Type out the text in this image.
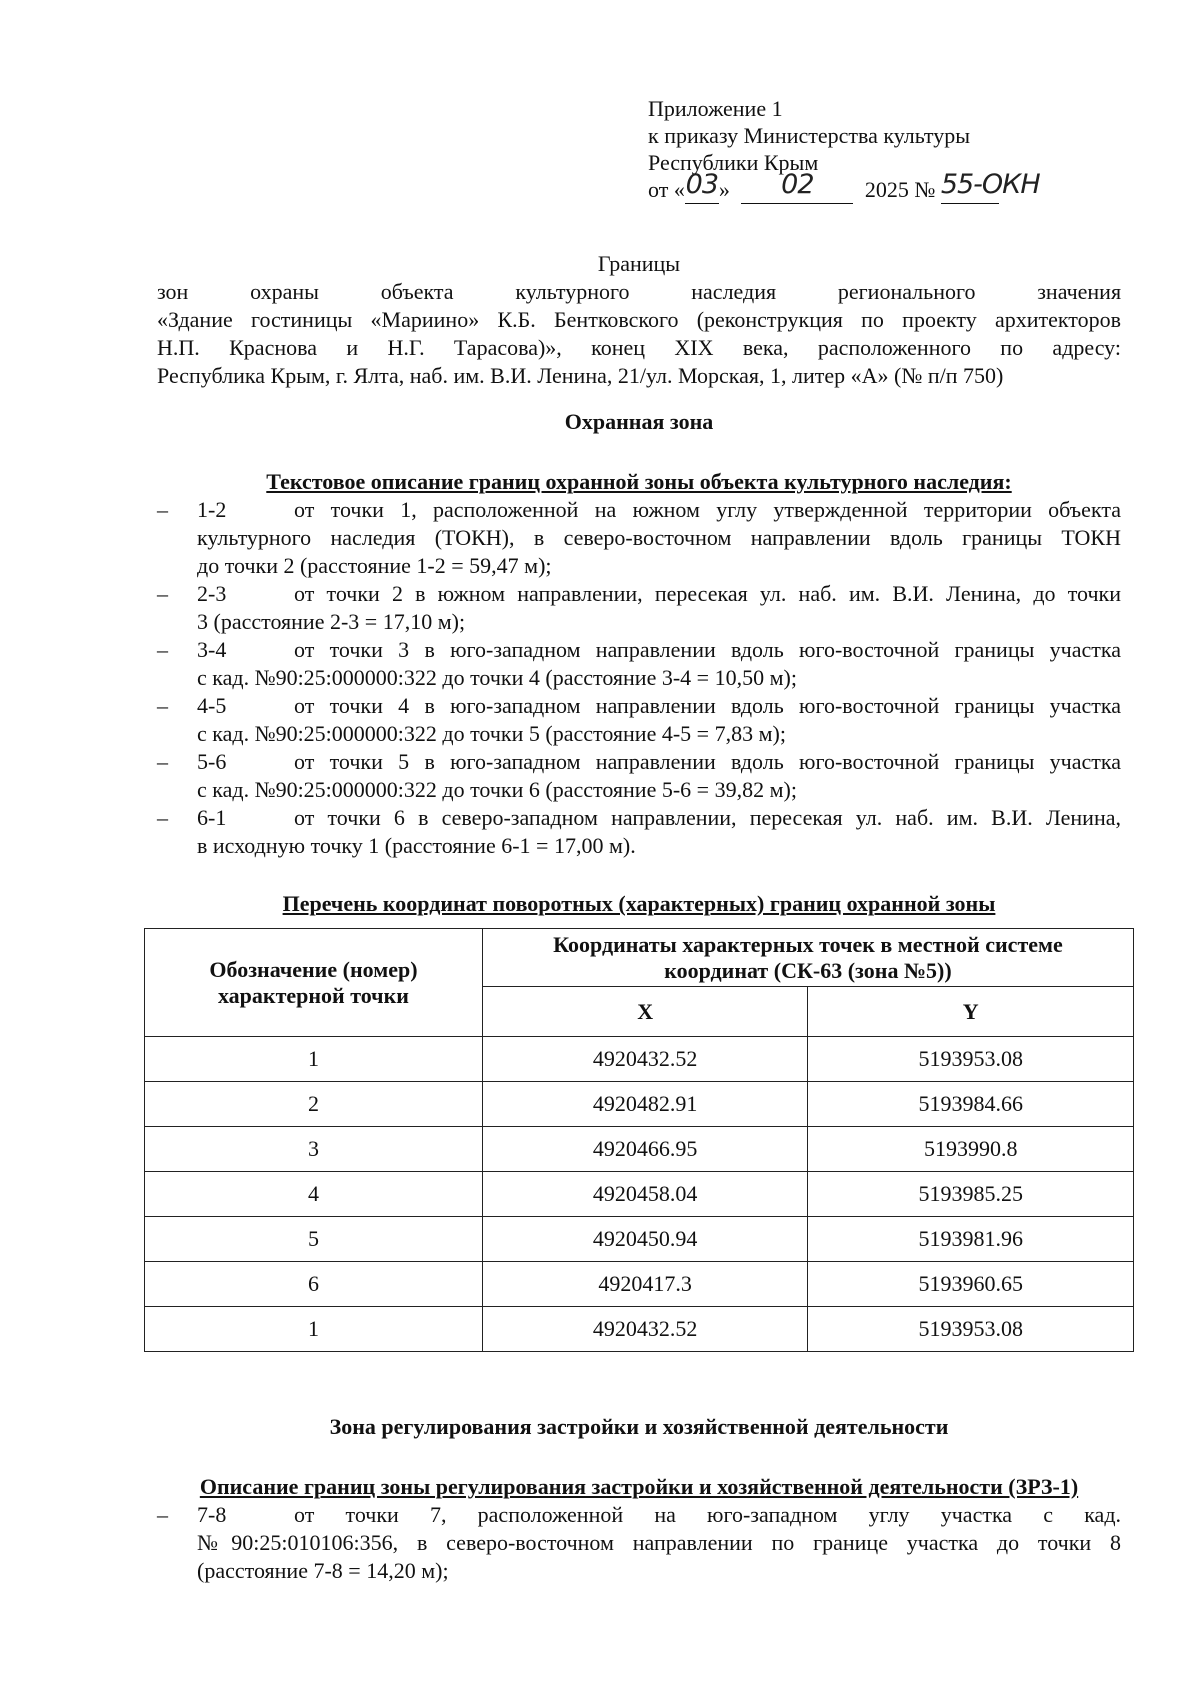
Приложение 1
к приказу Министерства культуры
Республики Крым
от «03» 02 2025 № 55-ОКН
Границы
зон	охраны	объекта	культурного	наследия	регионального	значения
«Здание гостиницы «Мариино» К.Б. Бентковского (реконструкция по проекту архитекторов
Н.П. Краснова и Н.Г. Тарасова)», конец XIX века, расположенного по адресу:
Республика Крым, г. Ялта, наб. им. В.И. Ленина, 21/ул. Морская, 1, литер «А» (№ п/п 750)
Охранная зона
Текстовое описание границ охранной зоны объекта культурного наследия:
–	1-2	от точки 1, расположенной на южном углу утвержденной территории объекта
культурного наследия (ТОКН), в северо-восточном направлении вдоль границы ТОКН
до точки 2 (расстояние 1-2 = 59,47 м);
–	2-3	от точки 2 в южном направлении, пересекая ул. наб. им. В.И. Ленина, до точки
3 (расстояние 2-3 = 17,10 м);
–	3-4	от точки 3 в юго-западном направлении вдоль юго-восточной границы участка
с кад. №90:25:000000:322 до точки 4 (расстояние 3-4 = 10,50 м);
–	4-5	от точки 4 в юго-западном направлении вдоль юго-восточной границы участка
с кад. №90:25:000000:322 до точки 5 (расстояние 4-5 = 7,83 м);
–	5-6	от точки 5 в юго-западном направлении вдоль юго-восточной границы участка
с кад. №90:25:000000:322 до точки 6 (расстояние 5-6 = 39,82 м);
–	6-1	от точки 6 в северо-западном направлении, пересекая ул. наб. им. В.И. Ленина,
в исходную точку 1 (расстояние 6-1 = 17,00 м).
Перечень координат поворотных (характерных) границ охранной зоны
Обозначение (номер) характерной точки	Координаты характерных точек в местной системе координат (СК-63 (зона №5))	

	X	Y
1	4920432.52	5193953.08
2	4920482.91	5193984.66
3	4920466.95	5193990.8
4	4920458.04	5193985.25
5	4920450.94	5193981.96
6	4920417.3	5193960.65
1	4920432.52	5193953.08
Зона регулирования застройки и хозяйственной деятельности
Описание границ зоны регулирования застройки и хозяйственной деятельности (ЗРЗ-1)
–	7-8	от точки 7, расположенной на юго-западном углу участка с кад.
№90:25:010106:356, в северо-восточном направлении по границе участка до точки 8
(расстояние 7-8 = 14,20 м);
